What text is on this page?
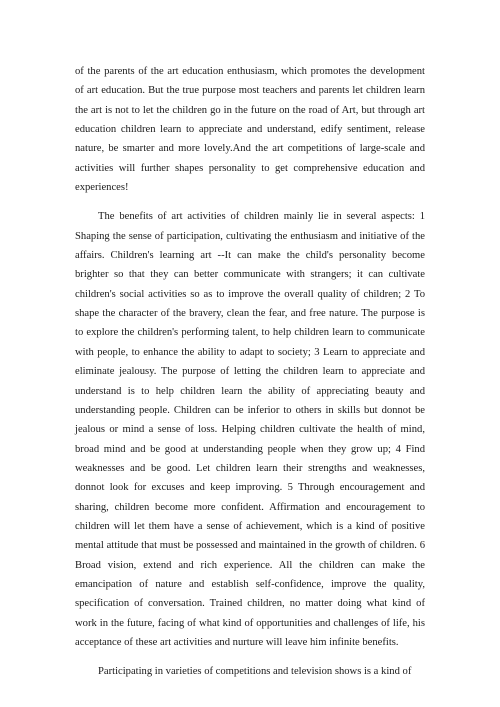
of the parents of the art education enthusiasm, which promotes the development of art education. But the true purpose most teachers and parents let children learn the art is not to let the children go in the future on the road of Art, but through art education children learn to appreciate and understand, edify sentiment, release nature, be smarter and more lovely.And the art competitions of large-scale and activities will further shapes personality to get comprehensive education and experiences!

The benefits of art activities of children mainly lie in several aspects: 1 Shaping the sense of participation, cultivating the enthusiasm and initiative of the affairs. Children's learning art --It can make the child's personality become brighter so that they can better communicate with strangers; it can cultivate children's social activities so as to improve the overall quality of children; 2 To shape the character of the bravery, clean the fear, and free nature. The purpose is to explore the children's performing talent, to help children learn to communicate with people, to enhance the ability to adapt to society; 3 Learn to appreciate and eliminate jealousy. The purpose of letting the children learn to appreciate and understand is to help children learn the ability of appreciating beauty and understanding people. Children can be inferior to others in skills but donnot be jealous or mind a sense of loss. Helping children cultivate the health of mind, broad mind and be good at understanding people when they grow up; 4 Find weaknesses and be good. Let children learn their strengths and weaknesses, donnot look for excuses and keep improving. 5 Through encouragement and sharing, children become more confident. Affirmation and encouragement to children will let them have a sense of achievement, which is a kind of positive mental attitude that must be possessed and maintained in the growth of children. 6 Broad vision, extend and rich experience. All the children can make the emancipation of nature and establish self-confidence, improve the quality, specification of conversation. Trained children, no matter doing what kind of work in the future, facing of what kind of opportunities and challenges of life, his acceptance of these art activities and nurture will leave him infinite benefits.

Participating in varieties of competitions and television shows is a kind of
